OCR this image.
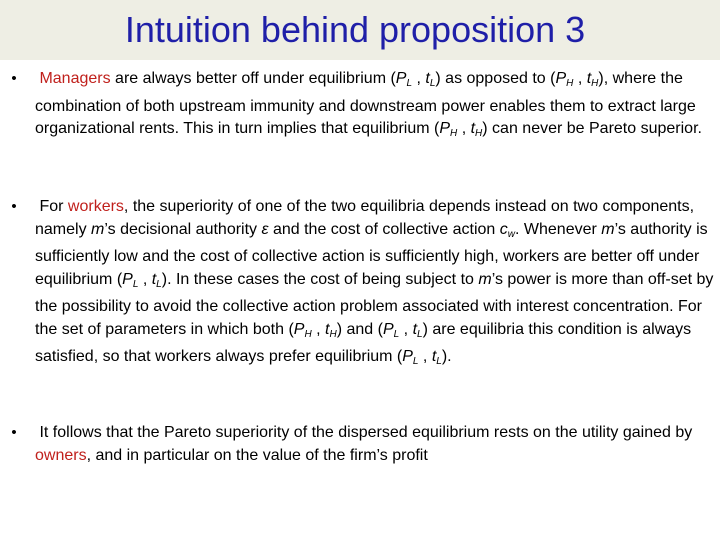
Intuition behind proposition 3
• Managers are always better off under equilibrium ($P_L$ , $t_L$) as opposed to ($P_H$ , $t_H$), where the combination of both upstream immunity and downstream power enables them to extract large organizational rents. This in turn implies that equilibrium ($P_H$ , $t_H$) can never be Pareto superior.
• For workers, the superiority of one of the two equilibria depends instead on two components, namely m’s decisional authority ε and the cost of collective action $c_w$. Whenever m’s authority is sufficiently low and the cost of collective action is sufficiently high, workers are better off under equilibrium ($P_L$ , $t_L$). In these cases the cost of being subject to m’s power is more than off-set by the possibility to avoid the collective action problem associated with interest concentration. For the set of parameters in which both ($P_H$ , $t_H$) and ($P_L$ , $t_L$) are equilibria this condition is always satisfied, so that workers always prefer equilibrium ($P_L$ , $t_L$).
• It follows that the Pareto superiority of the dispersed equilibrium rests on the utility gained by owners, and in particular on the value of the firm’s profit
